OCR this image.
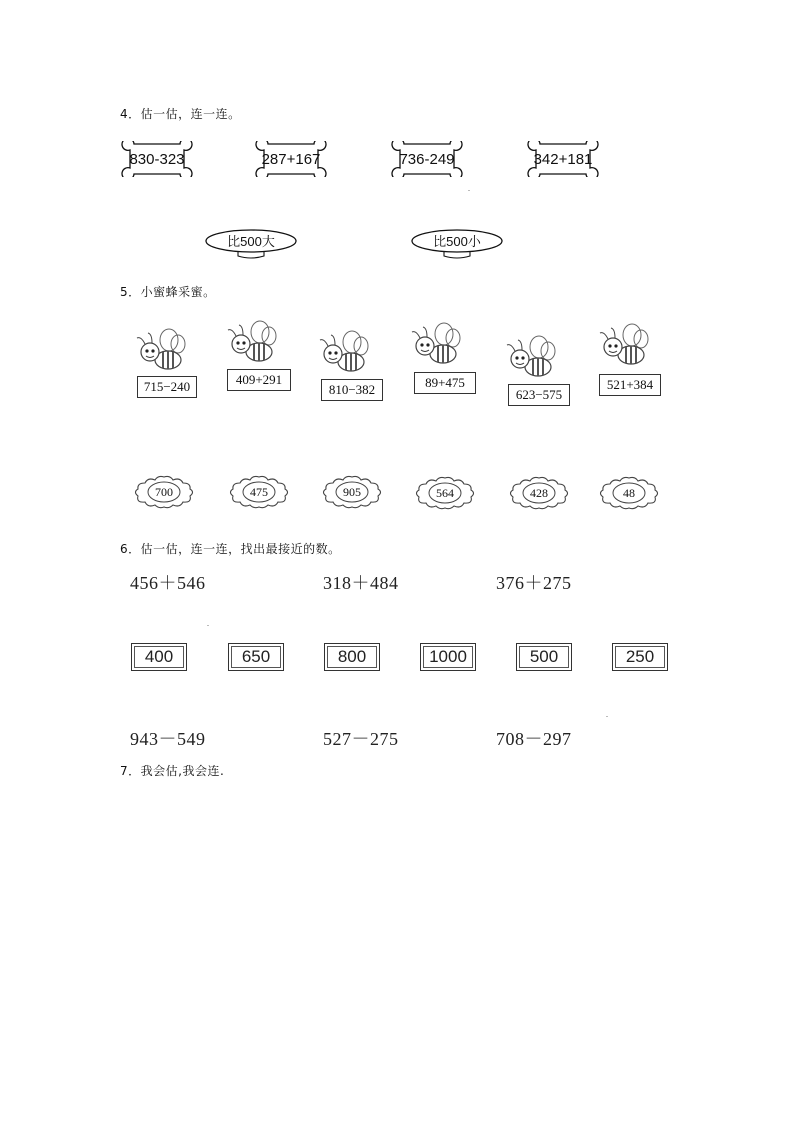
4．估一估，连一连。
830-323	287+167	736-249	342+181
比500大	比500小
5．小蜜蜂采蜜。
715−240	409+291
810−382	89+475
623−575
521+384
700	475	905	564	428	48
6．估一估，连一连，找出最接近的数。
456＋546	318＋484	376＋275
400	650	800	1000	500	250
943－549	527－275	708－297
7．我会估,我会连.
